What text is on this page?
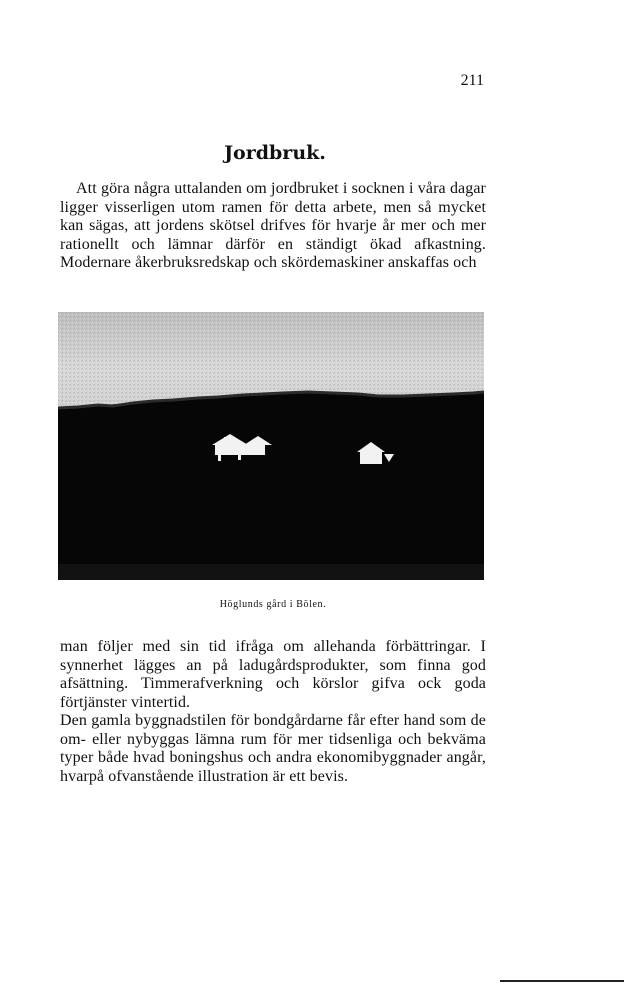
211
Jordbruk.

Att göra några uttalanden om jordbruket i socknen i våra dagar ligger visserligen utom ramen för detta arbete, men så mycket kan sägas, att jordens skötsel drifves för hvarje år mer och mer rationellt och lämnar därför en ständigt ökad afkastning. Modernare åkerbruksredskap och skördemaskiner anskaffas och

Höglunds gård i Bölen.

man följer med sin tid ifråga om allehanda förbättringar. I synnerhet lägges an på ladugårdsprodukter, som finna god afsättning. Timmerafverkning och körslor gifva ock goda förtjänster vintertid.

Den gamla byggnadstilen för bondgårdarne får efter hand som de om- eller nybyggas lämna rum för mer tidsenliga och bekväma typer både hvad boningshus och andra ekonomibyggnader angår, hvarpå ofvanstående illustration är ett bevis.
